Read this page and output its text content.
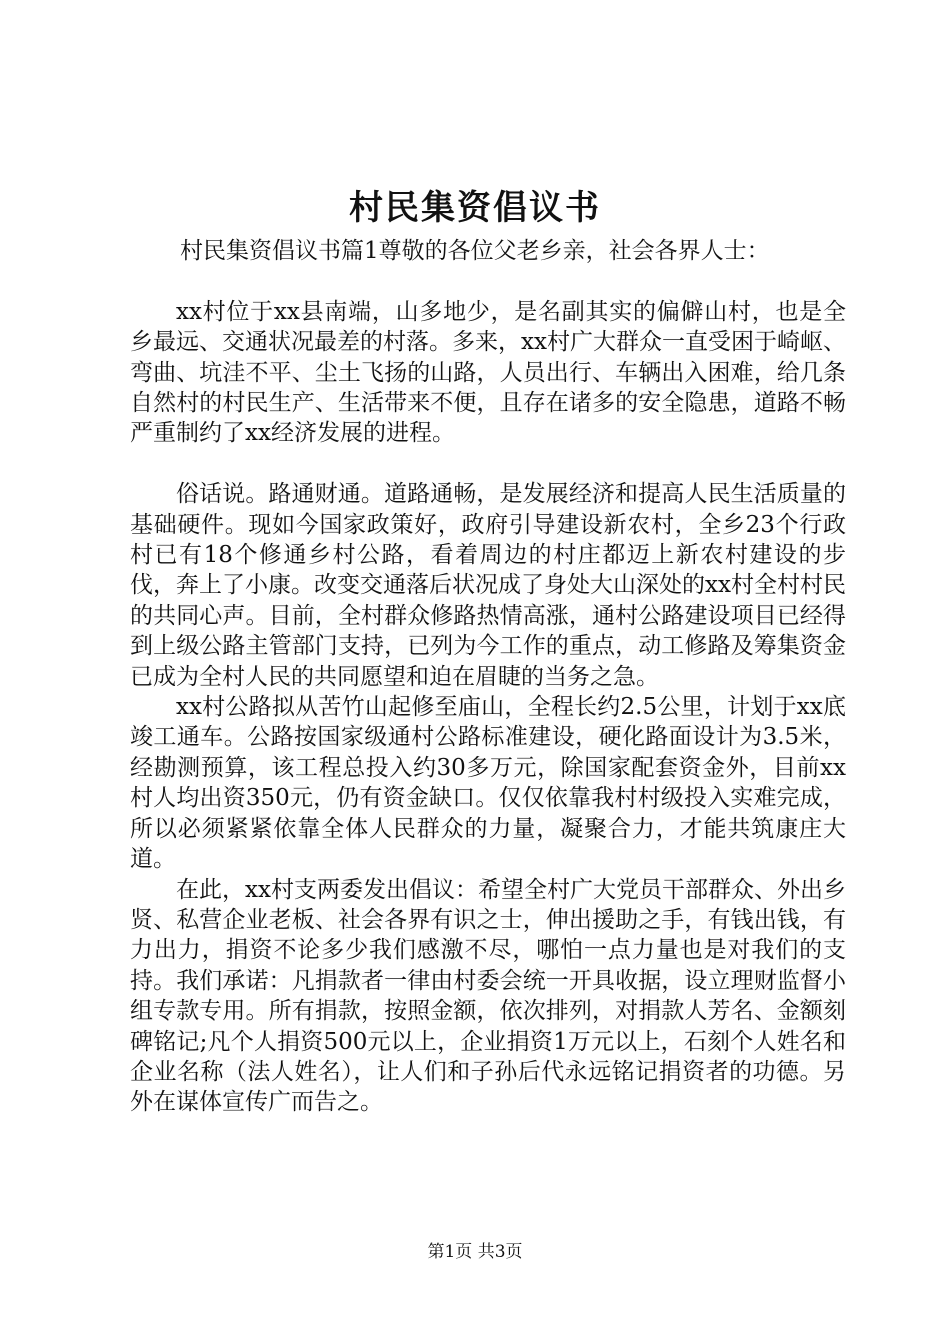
村民集资倡议书

村民集资倡议书篇1尊敬的各位父老乡亲，社会各界人士：

xx村位于xx县南端，山多地少，是名副其实的偏僻山村，也是全乡最远、交通状况最差的村落。多来，xx村广大群众一直受困于崎岖、弯曲、坑洼不平、尘土飞扬的山路，人员出行、车辆出入困难，给几条自然村的村民生产、生活带来不便，且存在诸多的安全隐患，道路不畅严重制约了xx经济发展的进程。

俗话说。路通财通。道路通畅，是发展经济和提高人民生活质量的基础硬件。现如今国家政策好，政府引导建设新农村，全乡23个行政村已有18个修通乡村公路，看着周边的村庄都迈上新农村建设的步伐，奔上了小康。改变交通落后状况成了身处大山深处的xx村全村村民的共同心声。目前，全村群众修路热情高涨，通村公路建设项目已经得到上级公路主管部门支持，已列为今工作的重点，动工修路及筹集资金已成为全村人民的共同愿望和迫在眉睫的当务之急。

xx村公路拟从苦竹山起修至庙山，全程长约2.5公里，计划于xx底竣工通车。公路按国家级通村公路标准建设，硬化路面设计为3.5米，经勘测预算，该工程总投入约30多万元，除国家配套资金外，目前xx村人均出资350元，仍有资金缺口。仅仅依靠我村村级投入实难完成，所以必须紧紧依靠全体人民群众的力量，凝聚合力，才能共筑康庄大道。

在此，xx村支两委发出倡议：希望全村广大党员干部群众、外出乡贤、私营企业老板、社会各界有识之士，伸出援助之手，有钱出钱，有力出力，捐资不论多少我们感激不尽，哪怕一点力量也是对我们的支持。我们承诺：凡捐款者一律由村委会统一开具收据，设立理财监督小组专款专用。所有捐款，按照金额，依次排列，对捐款人芳名、金额刻碑铭记;凡个人捐资500元以上，企业捐资1万元以上，石刻个人姓名和企业名称（法人姓名），让人们和子孙后代永远铭记捐资者的功德。另外在谋体宣传广而告之。

第1页 共3页
